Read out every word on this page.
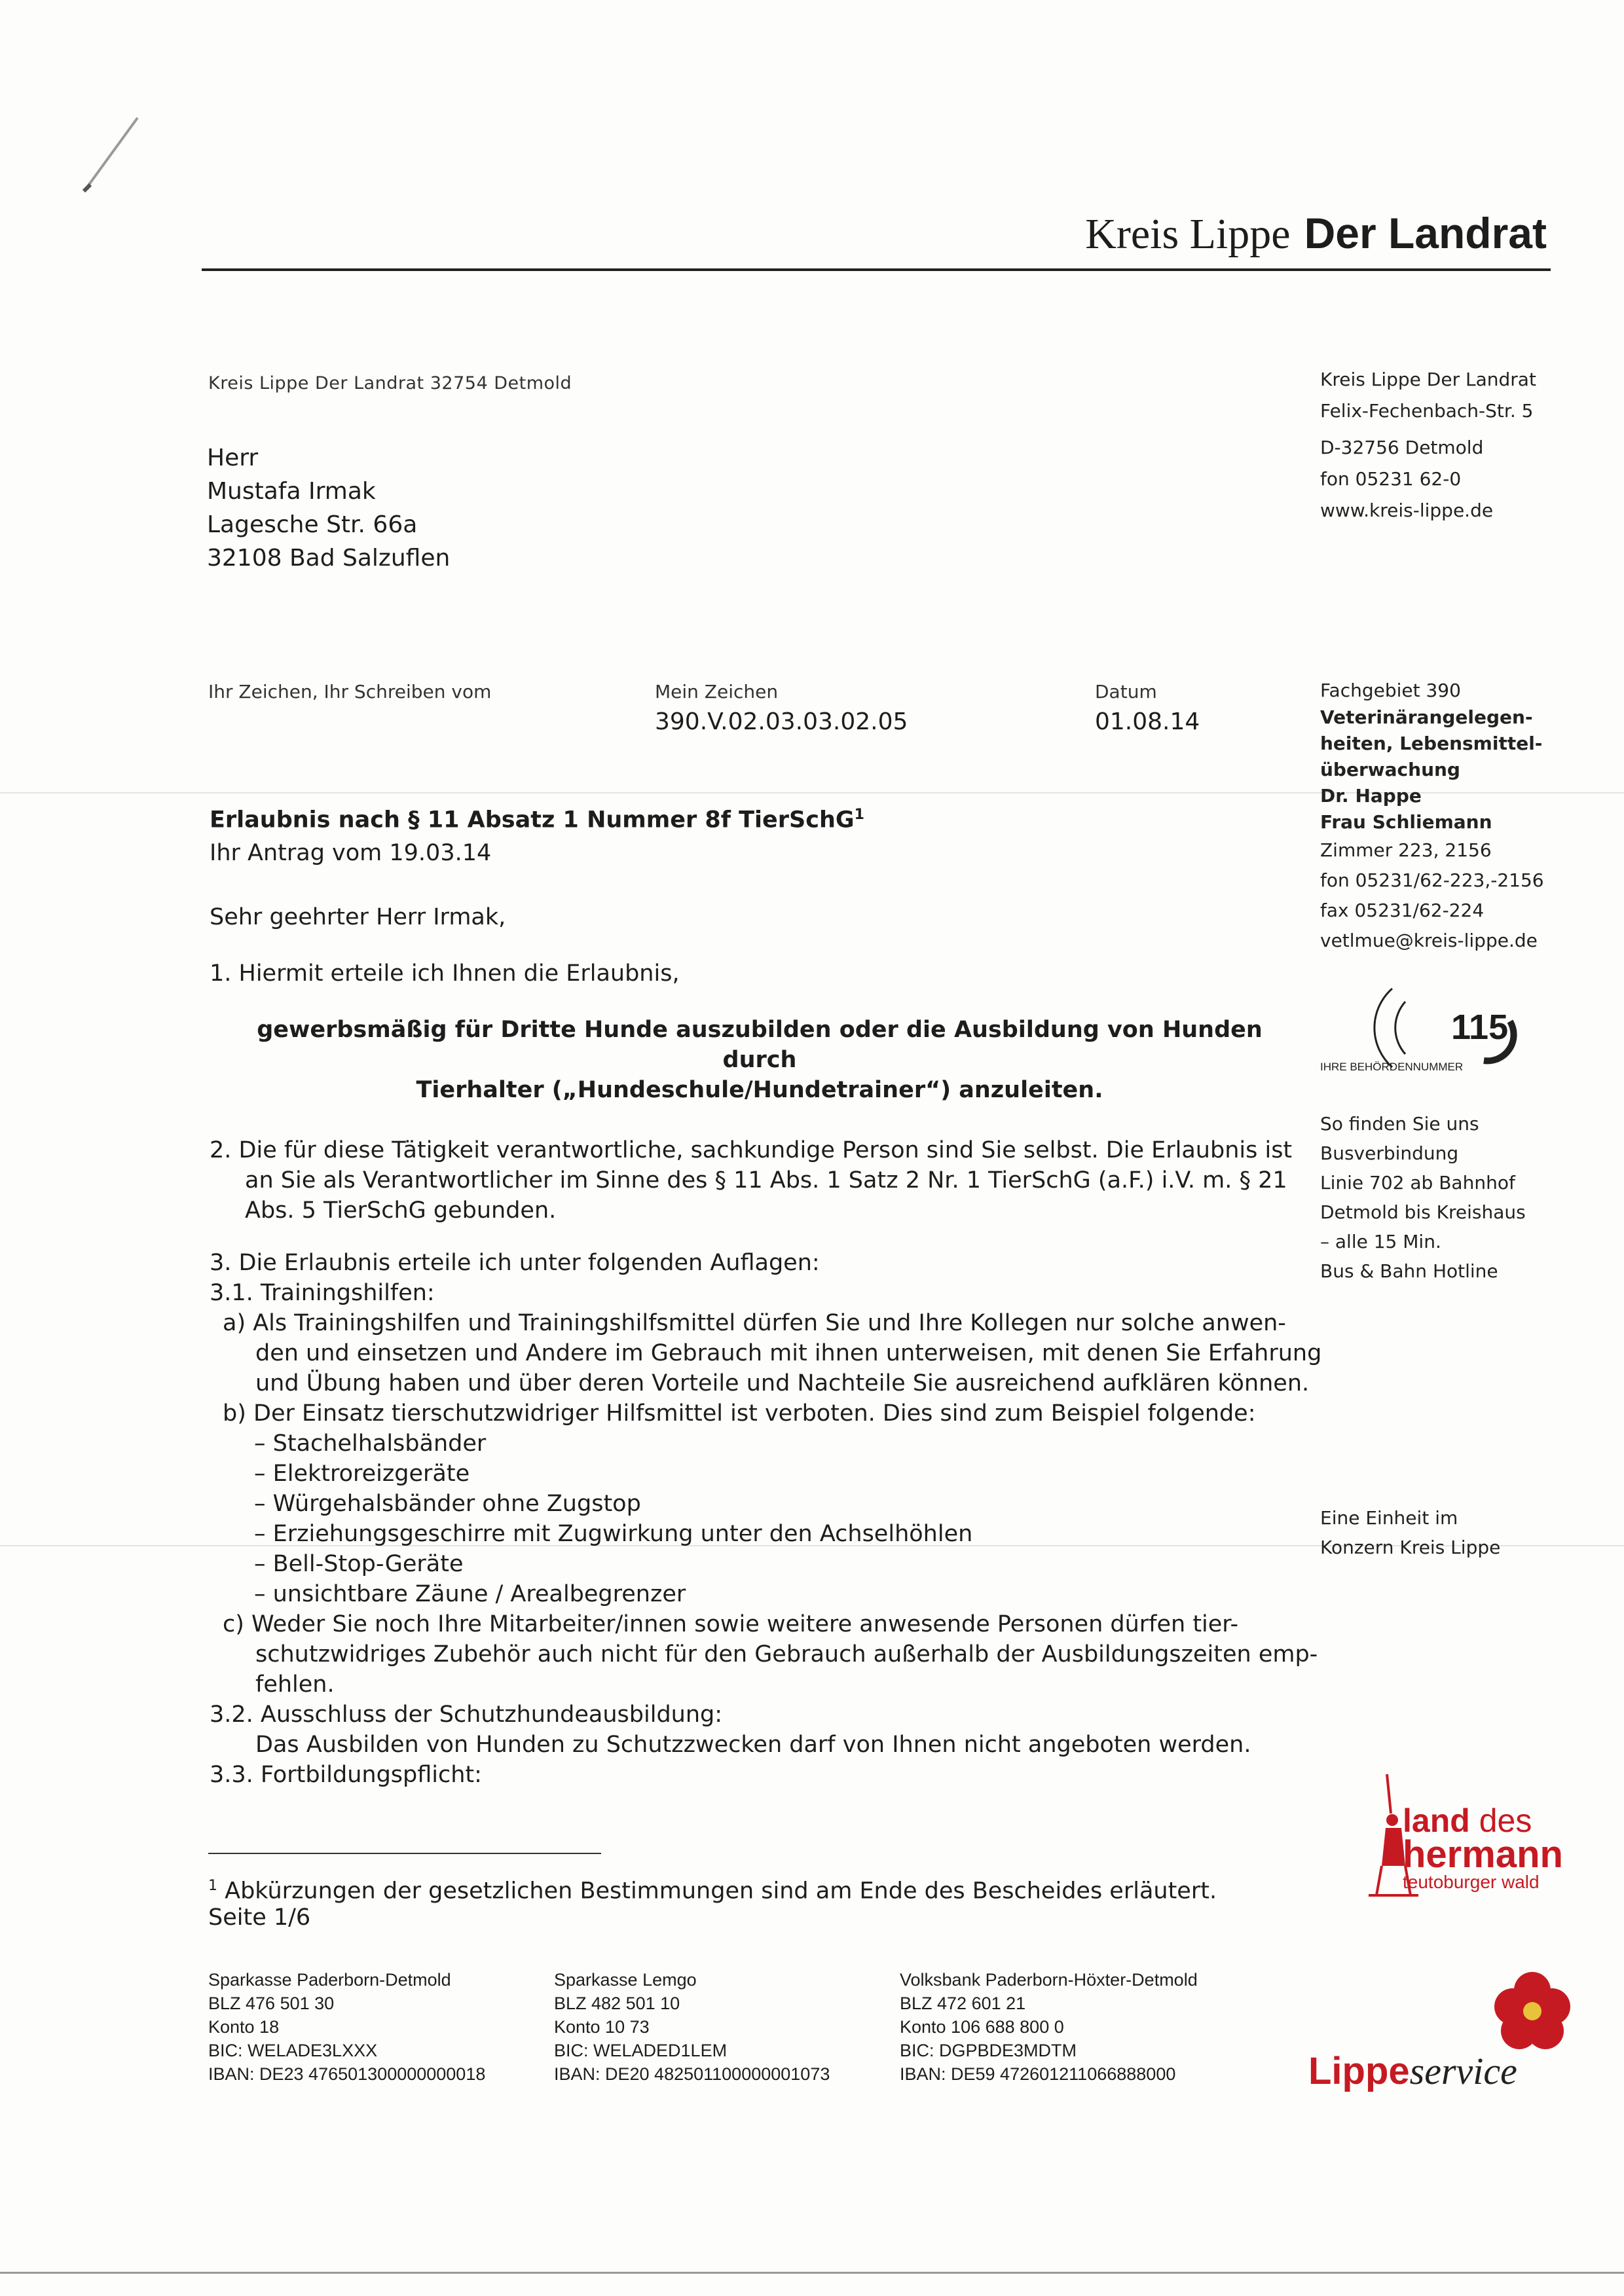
Kreis Lippe Der Landrat
Kreis Lippe Der Landrat 32754 Detmold
Herr
Mustafa Irmak
Lagesche Str. 66a
32108 Bad Salzuflen
Kreis Lippe Der Landrat
Felix-Fechenbach-Str. 5
D-32756 Detmold
fon 05231 62-0
www.kreis-lippe.de
Ihr Zeichen, Ihr Schreiben vom	Mein Zeichen
390.V.02.03.03.02.05
Datum
01.08.14
Fachgebiet 390
Veterinärangelegen-
heiten, Lebensmittel-
überwachung
Dr. Happe
Frau Schliemann
Zimmer 223, 2156
fon 05231/62-223,-2156
fax 05231/62-224
vetlmue@kreis-lippe.de
115
IHRE BEHÖRDENNUMMER
So finden Sie uns
Busverbindung
Linie 702 ab Bahnhof
Detmold bis Kreishaus
– alle 15 Min.
Bus & Bahn Hotline
Eine Einheit im
Konzern Kreis Lippe
Erlaubnis nach § 11 Absatz 1 Nummer 8f TierSchG$^1$
Ihr Antrag vom 19.03.14
Sehr geehrter Herr Irmak,
1. Hiermit erteile ich Ihnen die Erlaubnis,
gewerbsmäßig für Dritte Hunde auszubilden oder die Ausbildung von Hunden durch
Tierhalter („Hundeschule/Hundetrainer“) anzuleiten.
2. Die für diese Tätigkeit verantwortliche, sachkundige Person sind Sie selbst. Die Erlaubnis ist
an Sie als Verantwortlicher im Sinne des § 11 Abs. 1 Satz 2 Nr. 1 TierSchG (a.F.) i.V. m. § 21
Abs. 5 TierSchG gebunden.
3. Die Erlaubnis erteile ich unter folgenden Auflagen:
3.1. Trainingshilfen:
a) Als Trainingshilfen und Trainingshilfsmittel dürfen Sie und Ihre Kollegen nur solche anwen-
den und einsetzen und Andere im Gebrauch mit ihnen unterweisen, mit denen Sie Erfahrung
und Übung haben und über deren Vorteile und Nachteile Sie ausreichend aufklären können.
b) Der Einsatz tierschutzwidriger Hilfsmittel ist verboten. Dies sind zum Beispiel folgende:
– Stachelhalsbänder
– Elektroreizgeräte
– Würgehalsbänder ohne Zugstop
– Erziehungsgeschirre mit Zugwirkung unter den Achselhöhlen
– Bell-Stop-Geräte
– unsichtbare Zäune / Arealbegrenzer
c) Weder Sie noch Ihre Mitarbeiter/innen sowie weitere anwesende Personen dürfen tier-
schutzwidriges Zubehör auch nicht für den Gebrauch außerhalb der Ausbildungszeiten emp-
fehlen.
3.2. Ausschluss der Schutzhundeausbildung:
Das Ausbilden von Hunden zu Schutzzwecken darf von Ihnen nicht angeboten werden.
3.3. Fortbildungspflicht:
$^1$ Abkürzungen der gesetzlichen Bestimmungen sind am Ende des Bescheides erläutert.
Seite 1/6
Sparkasse Paderborn-Detmold
BLZ 476 501 30
Konto 18
BIC: WELADE3LXXX
IBAN: DE23 476501300000000018
Sparkasse Lemgo
BLZ 482 501 10
Konto 10 73
BIC: WELADED1LEM
IBAN: DE20 482501100000001073
Volksbank Paderborn-Höxter-Detmold
BLZ 472 601 21
Konto 106 688 800 0
BIC: DGPBDE3MDTM
IBAN: DE59 472601211066888000
land des
hermann
teutoburger wald
Lippeservice
